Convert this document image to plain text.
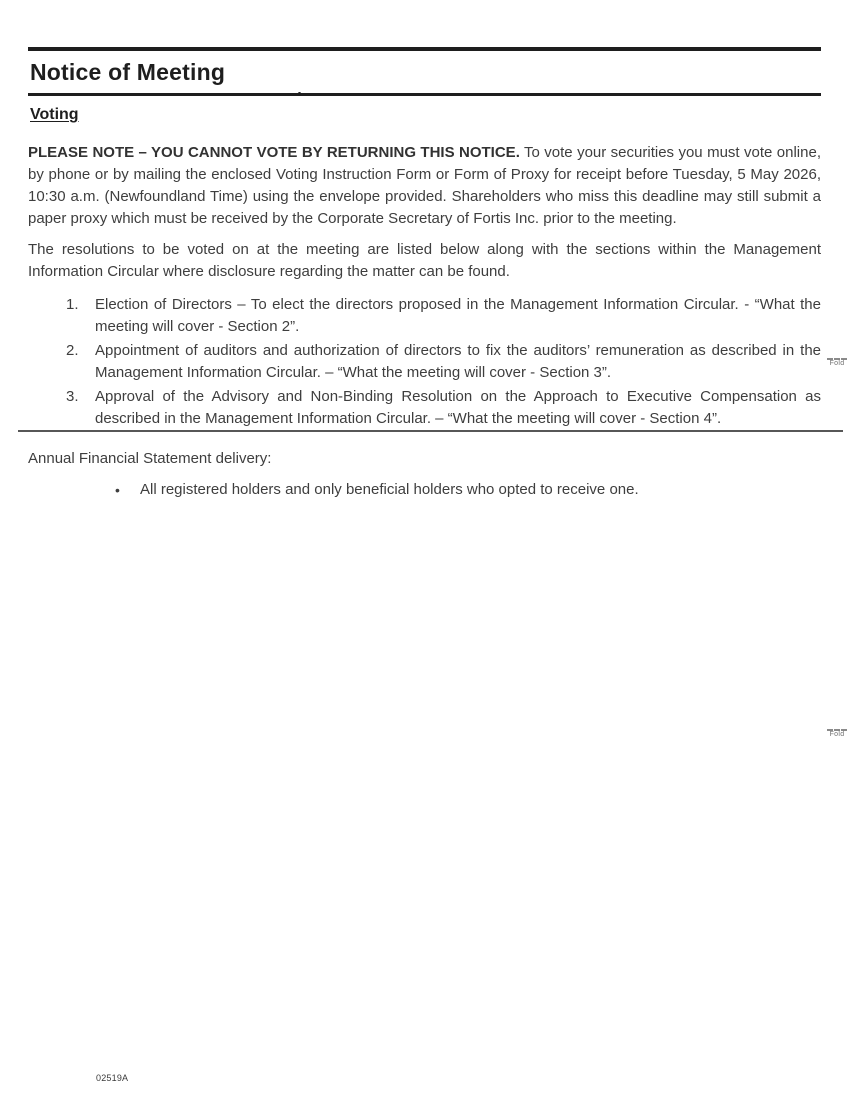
Notice of Meeting
Voting
PLEASE NOTE – YOU CANNOT VOTE BY RETURNING THIS NOTICE. To vote your securities you must vote online, by phone or by mailing the enclosed Voting Instruction Form or Form of Proxy for receipt before Tuesday, 5 May 2026, 10:30 a.m. (Newfoundland Time) using the envelope provided. Shareholders who miss this deadline may still submit a paper proxy which must be received by the Corporate Secretary of Fortis Inc. prior to the meeting.
The resolutions to be voted on at the meeting are listed below along with the sections within the Management Information Circular where disclosure regarding the matter can be found.
1.	Election of Directors – To elect the directors proposed in the Management Information Circular. - “What the meeting will cover - Section 2”.
2.	Appointment of auditors and authorization of directors to fix the auditors’ remuneration as described in the Management Information Circular. – “What the meeting will cover - Section 3”.
3.	Approval of the Advisory and Non-Binding Resolution on the Approach to Executive Compensation as described in the Management Information Circular. – “What the meeting will cover - Section 4”.
Annual Financial Statement delivery:
•	All registered holders and only beneficial holders who opted to receive one.
Fold
Fold
02519A
